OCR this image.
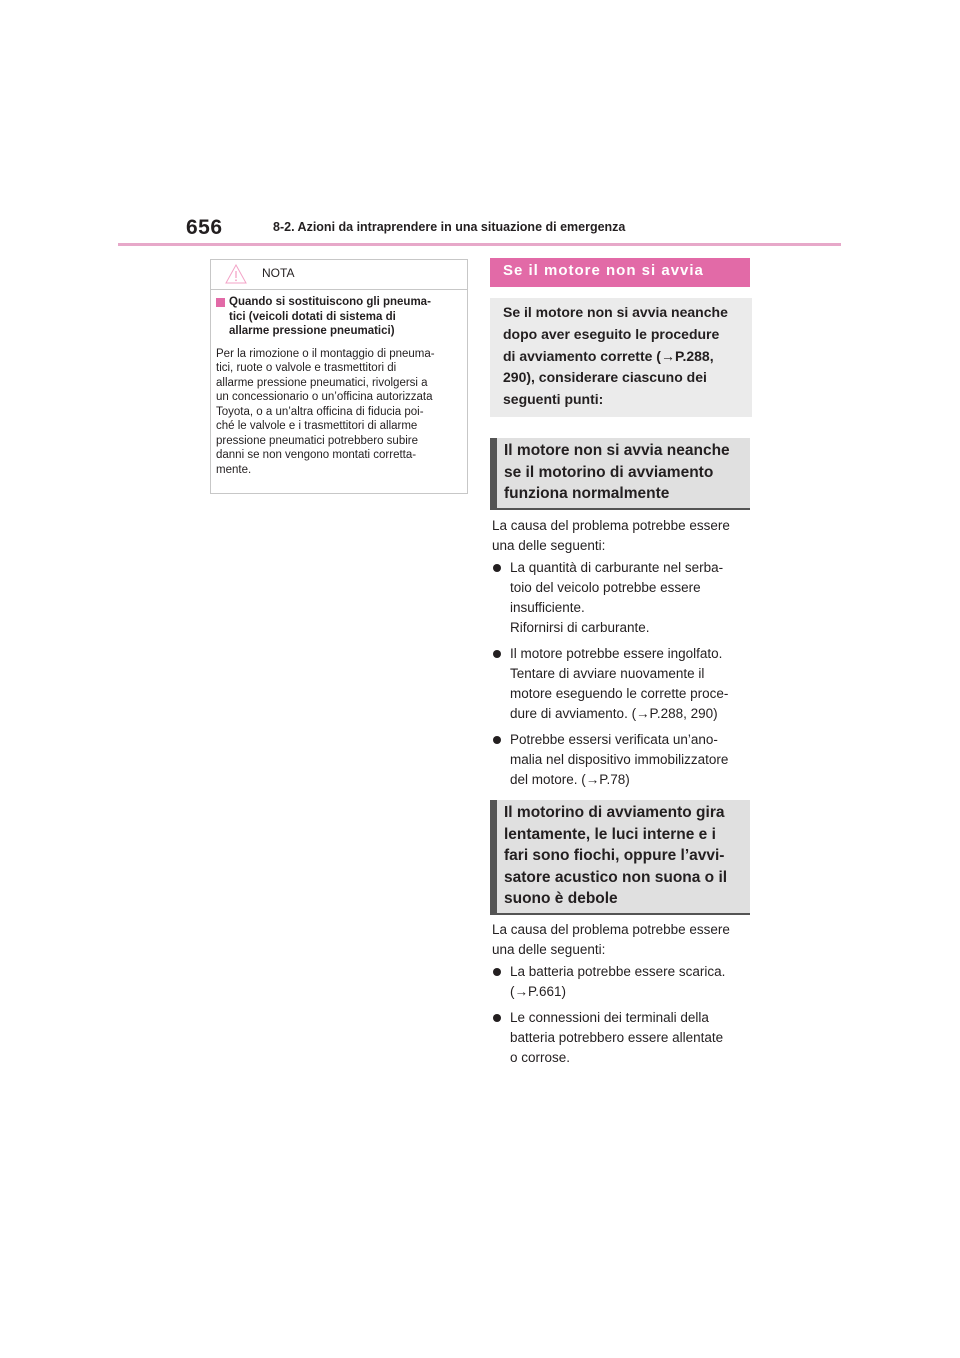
656	8-2. Azioni da intraprendere in una situazione di emergenza
NOTA
Quando si sostituiscono gli pneuma-
tici (veicoli dotati di sistema di
allarme pressione pneumatici)
Per la rimozione o il montaggio di pneuma-
tici, ruote o valvole e trasmettitori di
allarme pressione pneumatici, rivolgersi a
un concessionario o un’officina autorizzata
Toyota, o a un’altra officina di fiducia poi-
ché le valvole e i trasmettitori di allarme
pressione pneumatici potrebbero subire
danni se non vengono montati corretta-
mente.
Se il motore non si avvia
Se il motore non si avvia neanche
dopo aver eseguito le procedure
di avviamento corrette (→P.288,
290), considerare ciascuno dei
seguenti punti:
Il motore non si avvia neanche
se il motorino di avviamento
funziona normalmente
La causa del problema potrebbe essere
una delle seguenti:
La quantità di carburante nel serba-
toio del veicolo potrebbe essere
insufficiente.
Rifornirsi di carburante.
Il motore potrebbe essere ingolfato.
Tentare di avviare nuovamente il
motore eseguendo le corrette proce-
dure di avviamento. (→P.288, 290)
Potrebbe essersi verificata un’ano-
malia nel dispositivo immobilizzatore
del motore. (→P.78)
Il motorino di avviamento gira
lentamente, le luci interne e i
fari sono fiochi, oppure l’avvi-
satore acustico non suona o il
suono è debole
La causa del problema potrebbe essere
una delle seguenti:
La batteria potrebbe essere scarica.
(→P.661)
Le connessioni dei terminali della
batteria potrebbero essere allentate
o corrose.
